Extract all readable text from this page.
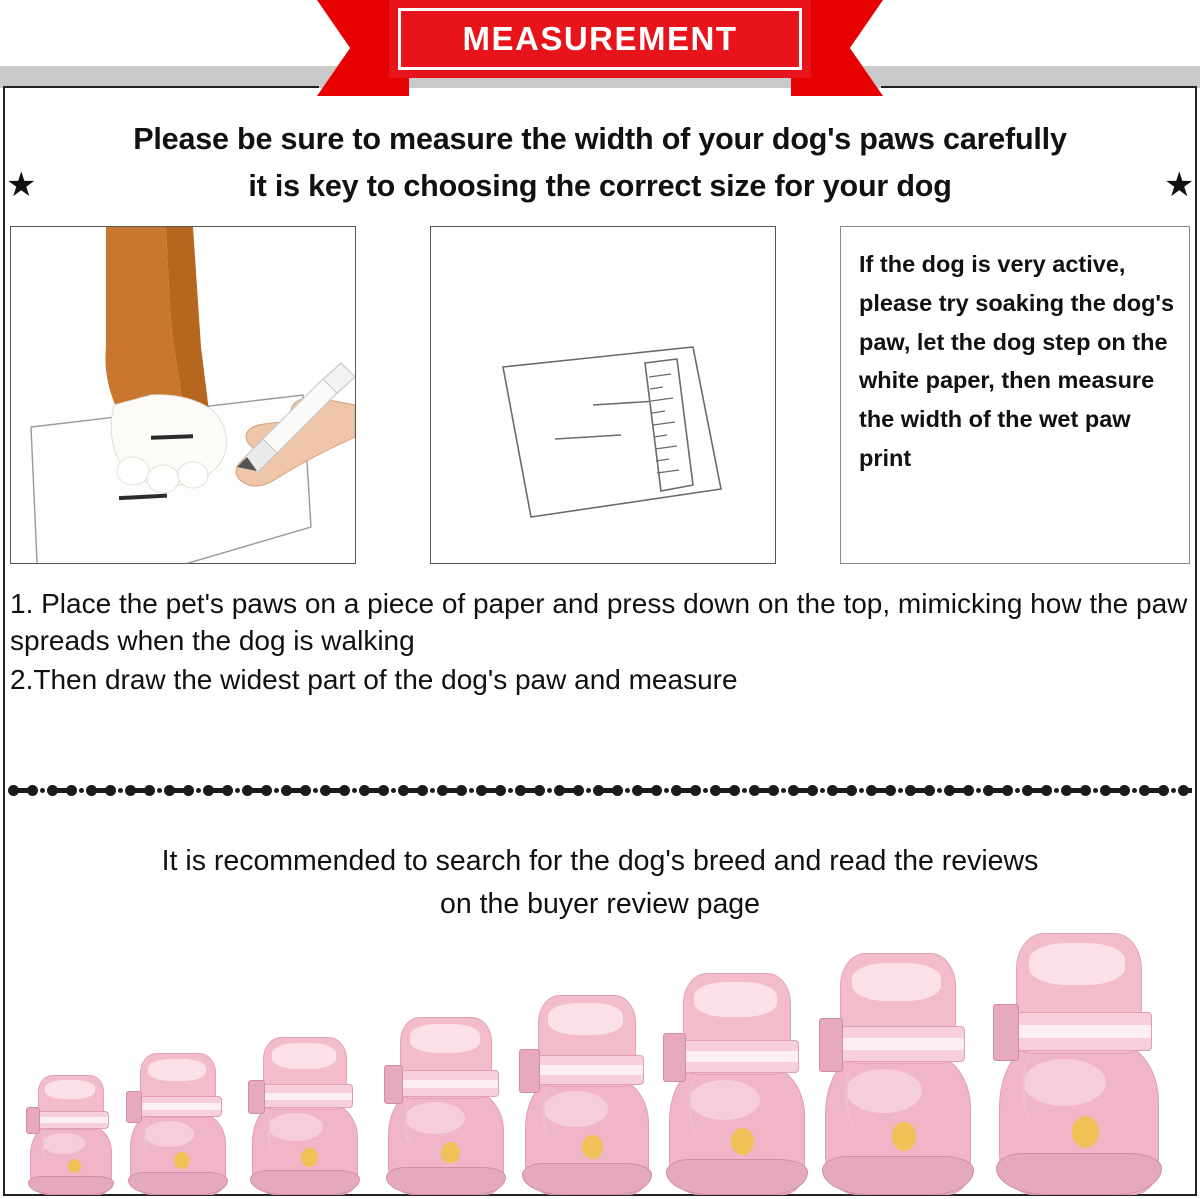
MEASUREMENT
Please be sure to measure the width of your dog's paws carefully
it is key to choosing the correct size for your dog
★	★
If the dog is very active, please try soaking the dog's paw, let the dog step on the white paper, then measure the width of the wet paw print

1. Place the pet's paws on a piece of paper and press down on the top, mimicking how the paw spreads when the dog is walking

2.Then draw the widest part of the dog's paw and measure

It is recommended to search for the dog's breed and read the reviews
on the buyer review page
